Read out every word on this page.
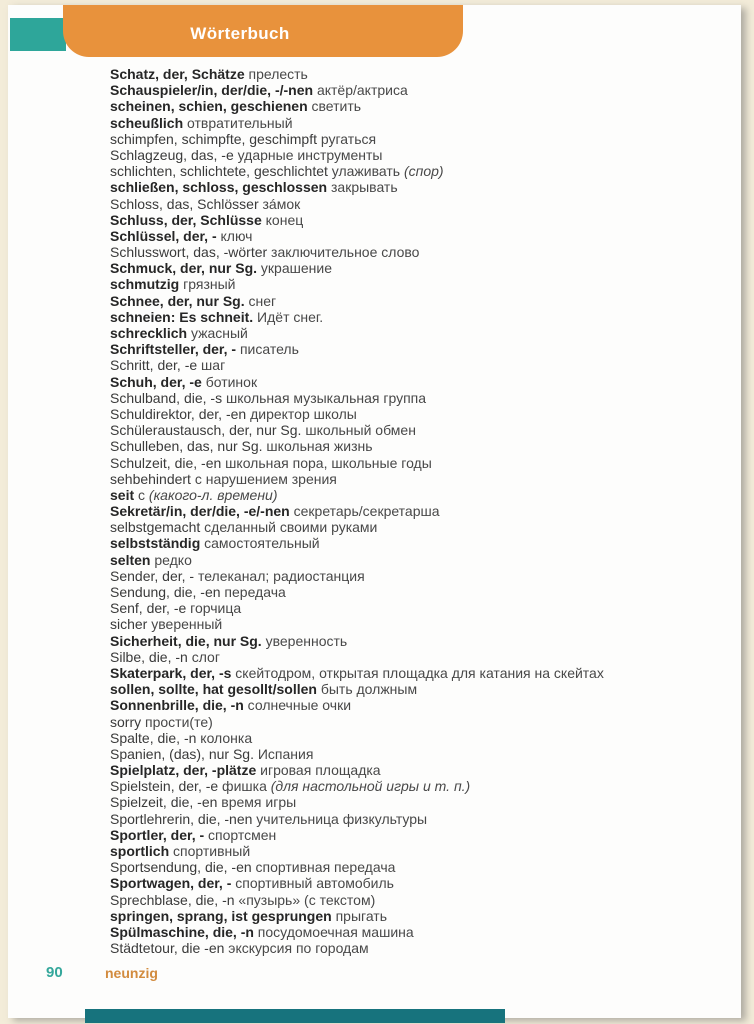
Wörterbuch
Schatz, der, Schätze прелесть
Schauspieler/in, der/die, -/-nen актёр/актриса
scheinen, schien, geschienen светить
scheußlich отвратительный
schimpfen, schimpfte, geschimpft ругаться
Schlagzeug, das, -e ударные инструменты
schlichten, schlichtete, geschlichtet улаживать (спор)
schließen, schloss, geschlossen закрывать
Schloss, das, Schlösser зáмок
Schluss, der, Schlüsse конец
Schlüssel, der, - ключ
Schlusswort, das, -wörter заключительное слово
Schmuck, der, nur Sg. украшение
schmutzig грязный
Schnee, der, nur Sg. снег
schneien: Es schneit. Идёт снег.
schrecklich ужасный
Schriftsteller, der, - писатель
Schritt, der, -e шаг
Schuh, der, -e ботинок
Schulband, die, -s школьная музыкальная группа
Schuldirektor, der, -en директор школы
Schüleraustausch, der, nur Sg. школьный обмен
Schulleben, das, nur Sg. школьная жизнь
Schulzeit, die, -en школьная пора, школьные годы
sehbehindert с нарушением зрения
seit с (какого-л. времени)
Sekretär/in, der/die, -e/-nen секретарь/секретарша
selbstgemacht сделанный своими руками
selbstständig самостоятельный
selten редко
Sender, der, - телеканал; радиостанция
Sendung, die, -en передача
Senf, der, -e горчица
sicher уверенный
Sicherheit, die, nur Sg. уверенность
Silbe, die, -n слог
Skaterpark, der, -s скейтодром, открытая площадка для катания на скейтах
sollen, sollte, hat gesollt/sollen быть должным
Sonnenbrille, die, -n солнечные очки
sorry прости(те)
Spalte, die, -n колонка
Spanien, (das), nur Sg. Испания
Spielplatz, der, -plätze игровая площадка
Spielstein, der, -e фишка (для настольной игры и т. п.)
Spielzeit, die, -en время игры
Sportlehrerin, die, -nen учительница физкультуры
Sportler, der, - спортсмен
sportlich спортивный
Sportsendung, die, -en спортивная передача
Sportwagen, der, - спортивный автомобиль
Sprechblase, die, -n «пузырь» (с текстом)
springen, sprang, ist gesprungen прыгать
Spülmaschine, die, -n посудомоечная машина
Städtetour, die -en экскурсия по городам
90	neunzig
